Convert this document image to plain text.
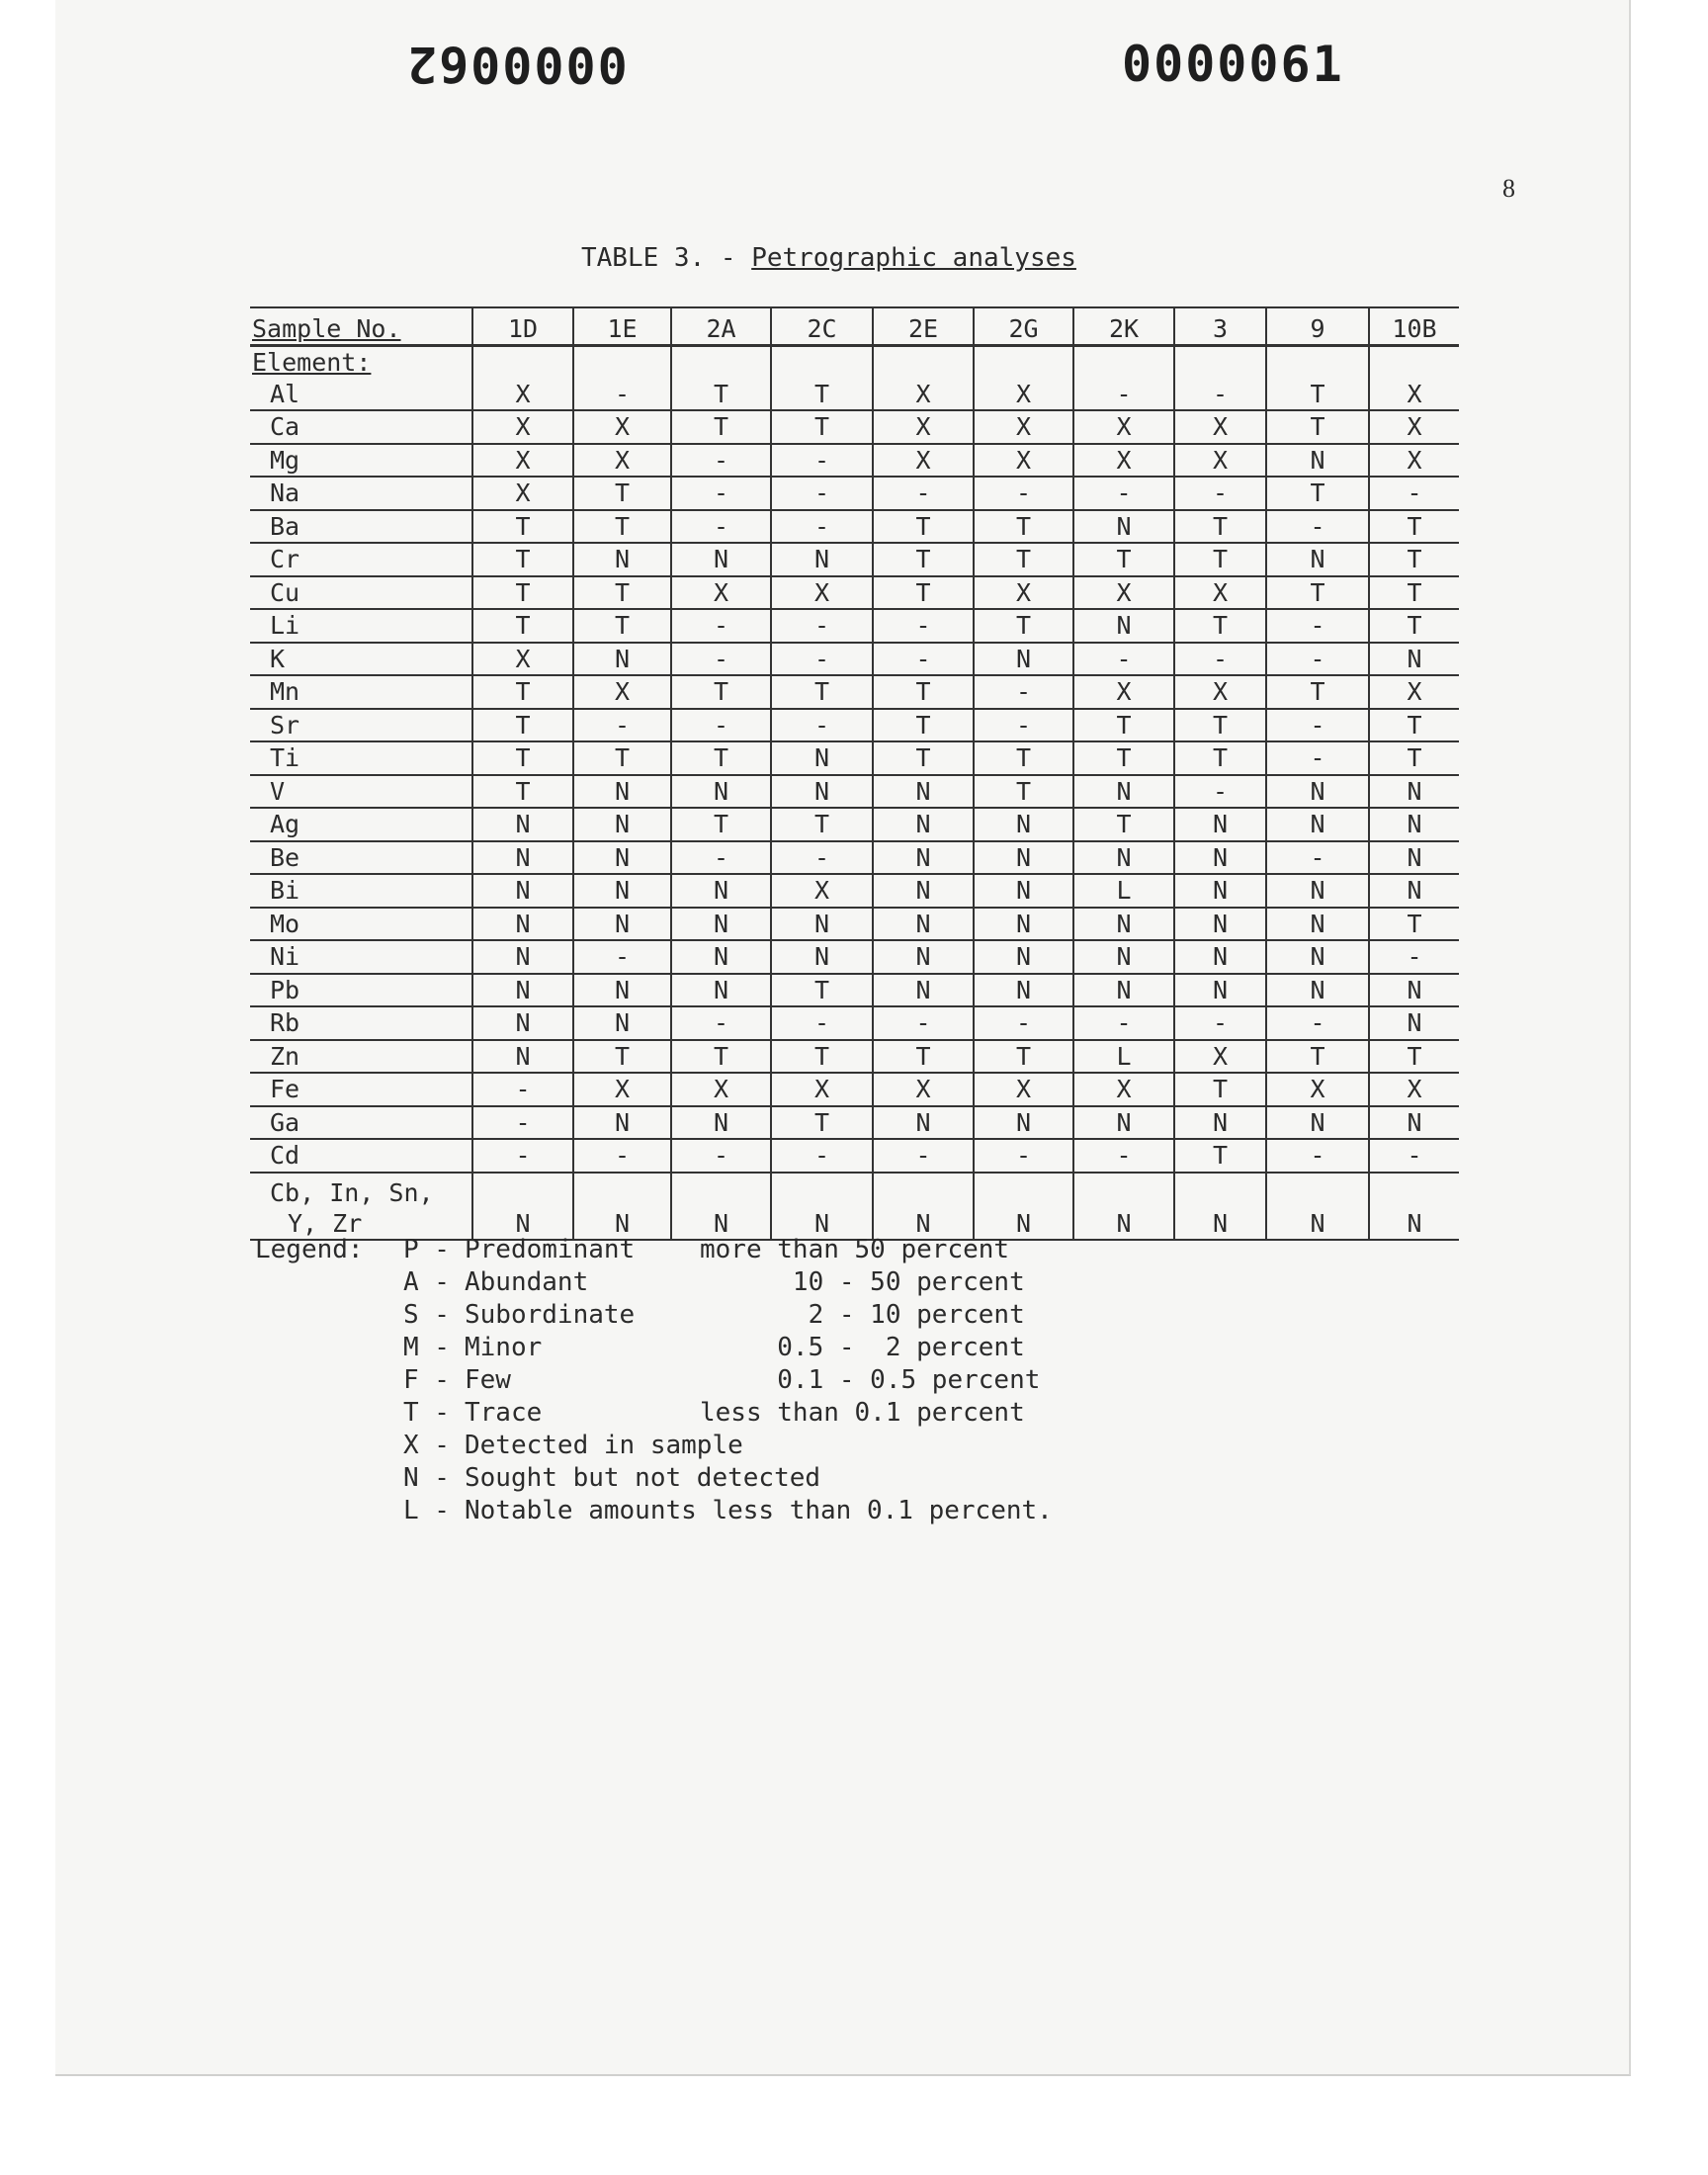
0000062	0000061
8
TABLE 3. - Petrographic analyses
Sample No.	1D	1E	2A	2C	2E	2G	2K	3	9	10B
Element:										
Al	X	-	T	T	X	X	-	-	T	X
Ca	X	X	T	T	X	X	X	X	T	X
Mg	X	X	-	-	X	X	X	X	N	X
Na	X	T	-	-	-	-	-	-	T	-
Ba	T	T	-	-	T	T	N	T	-	T
Cr	T	N	N	N	T	T	T	T	N	T
Cu	T	T	X	X	T	X	X	X	T	T
Li	T	T	-	-	-	T	N	T	-	T
K	X	N	-	-	-	N	-	-	-	N
Mn	T	X	T	T	T	-	X	X	T	X
Sr	T	-	-	-	T	-	T	T	-	T
Ti	T	T	T	N	T	T	T	T	-	T
V	T	N	N	N	N	T	N	-	N	N
Ag	N	N	T	T	N	N	T	N	N	N
Be	N	N	-	-	N	N	N	N	-	N
Bi	N	N	N	X	N	N	L	N	N	N
Mo	N	N	N	N	N	N	N	N	N	T
Ni	N	-	N	N	N	N	N	N	N	-
Pb	N	N	N	T	N	N	N	N	N	N
Rb	N	N	-	-	-	-	-	-	-	N
Zn	N	T	T	T	T	T	L	X	T	T
Fe	-	X	X	X	X	X	X	T	X	X
Ga	-	N	N	T	N	N	N	N	N	N
Cd	-	-	-	-	-	-	-	T	-	-

Cb, In, Sn,
Y, Zr	N	N	N	N	N	N	N	N	N	N
Legend:	P - Predominant	more than 50 percent
A - Abundant	10 - 50 percent
S - Subordinate	2 - 10 percent
M - Minor	0.5 -  2 percent
F - Few	0.1 - 0.5 percent
T - Trace	less than 0.1 percent
X - Detected in sample
N - Sought but not detected
L - Notable amounts less than 0.1 percent.
